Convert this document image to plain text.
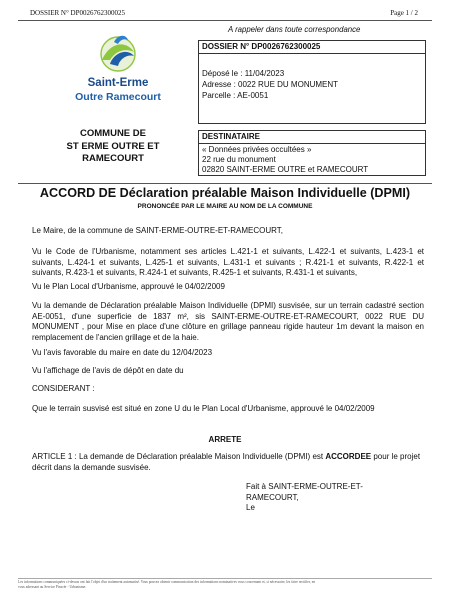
DOSSIER N° DP0026762300025	Page 1 / 2
Saint-Erme
Outre Ramecourt
COMMUNE DE
ST ERME OUTRE ET
RAMECOURT
A rappeler dans toute correspondance
DOSSIER N° DP0026762300025
Déposé le : 11/04/2023
Adresse : 0022 RUE DU MONUMENT
Parcelle : AE-0051
DESTINATAIRE
« Données privées occultées »
22 rue du monument
02820 SAINT-ERME OUTRE et RAMECOURT
ACCORD DE Déclaration préalable Maison Individuelle (DPMI)
PRONONCÉE PAR LE MAIRE AU NOM DE LA COMMUNE
Le Maire, de la commune de SAINT-ERME-OUTRE-ET-RAMECOURT,
Vu le Code de l'Urbanisme, notamment ses articles L.421-1 et suivants, L.422-1 et suivants, L.423-1 et suivants, L.424-1 et suivants, L.425-1 et suivants, L.431-1 et suivants ; R.421-1 et suivants, R.422-1 et suivants, R.423-1 et suivants, R.424-1 et suivants, R.425-1 et suivants, R.431-1 et suivants,
Vu le Plan Local d'Urbanisme, approuvé le 04/02/2009
Vu la demande de Déclaration préalable Maison Individuelle (DPMI) susvisée, sur un terrain cadastré section AE-0051, d'une superficie de 1837 m², sis SAINT-ERME-OUTRE-ET-RAMECOURT, 0022 RUE DU MONUMENT , pour Mise en place d'une clôture en grillage panneau rigide hauteur 1m devant la maison en remplacement de l'ancien grillage et de la haie.
Vu l'avis favorable du maire en date du 12/04/2023
Vu l'affichage de l'avis de dépôt en date du
CONSIDERANT :
Que le terrain susvisé est situé en zone U du le Plan Local d'Urbanisme, approuvé le 04/02/2009
ARRETE
ARTICLE 1 : La demande de Déclaration préalable Maison Individuelle (DPMI) est ACCORDEE pour le projet décrit dans la demande susvisée.
Fait à SAINT-ERME-OUTRE-ET-
RAMECOURT,
Le
Les informations communiquées ci-dessus ont fait l'objet d'un traitement automatisé. Vous pouvez obtenir communication des informations nominatives vous concernant et, si nécessaire, les faire rectifier, en
vous adressant au Service Pinscér - Urbanisme.
